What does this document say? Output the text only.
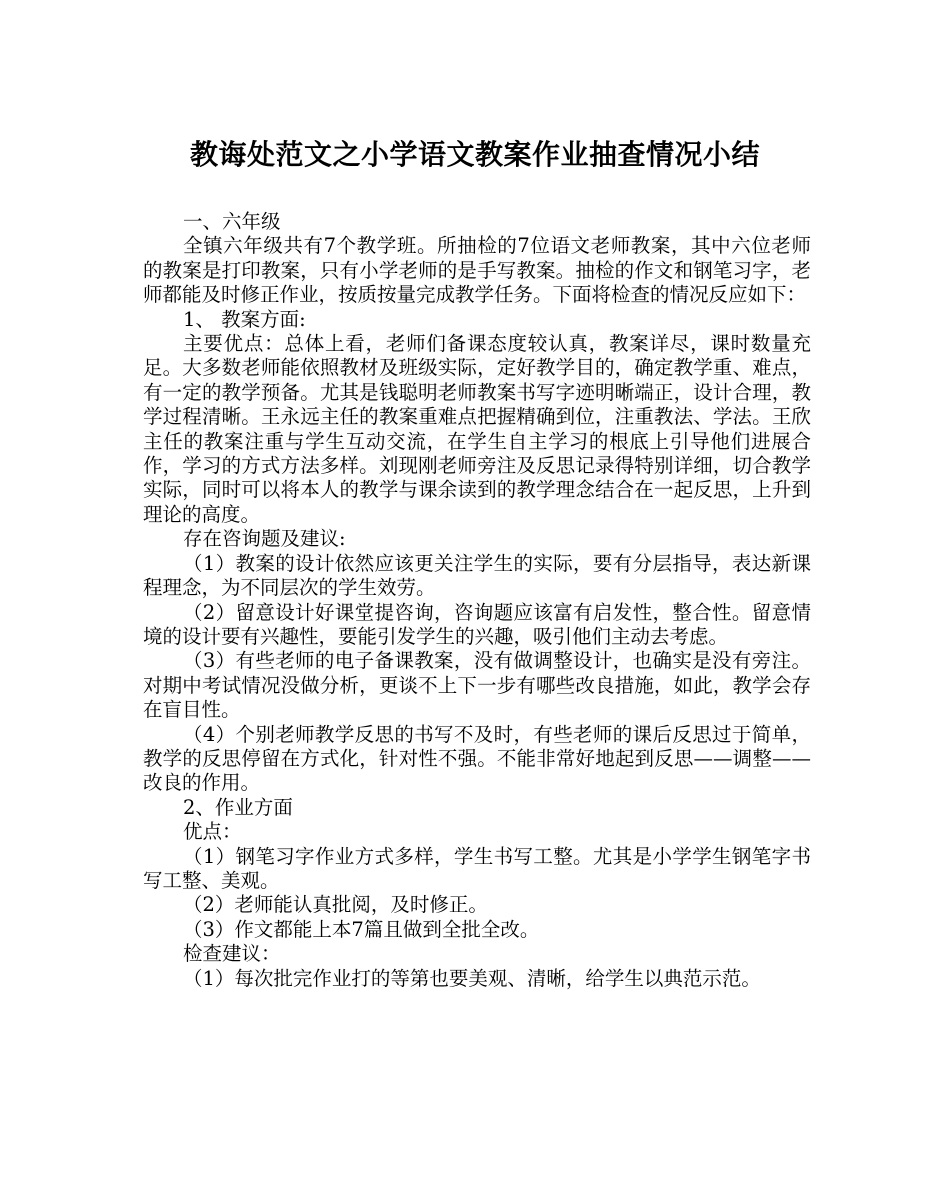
教诲处范文之小学语文教案作业抽查情况小结

一、六年级

全镇六年级共有7个教学班。所抽检的7位语文老师教案，其中六位老师的教案是打印教案，只有小学老师的是手写教案。抽检的作文和钢笔习字，老师都能及时修正作业，按质按量完成教学任务。下面将检查的情况反应如下：

1、 教案方面:

主要优点：总体上看，老师们备课态度较认真，教案详尽，课时数量充足。大多数老师能依照教材及班级实际，定好教学目的，确定教学重、难点，有一定的教学预备。尤其是钱聪明老师教案书写字迹明晰端正，设计合理，教学过程清晰。王永远主任的教案重难点把握精确到位，注重教法、学法。王欣主任的教案注重与学生互动交流，在学生自主学习的根底上引导他们进展合作，学习的方式方法多样。刘现刚老师旁注及反思记录得特别详细，切合教学实际，同时可以将本人的教学与课余读到的教学理念结合在一起反思，上升到理论的高度。

存在咨询题及建议:

（1）教案的设计依然应该更关注学生的实际，要有分层指导，表达新课程理念，为不同层次的学生效劳。

（2）留意设计好课堂提咨询，咨询题应该富有启发性，整合性。留意情境的设计要有兴趣性，要能引发学生的兴趣，吸引他们主动去考虑。

（3）有些老师的电子备课教案，没有做调整设计，也确实是没有旁注。对期中考试情况没做分析，更谈不上下一步有哪些改良措施，如此，教学会存在盲目性。

（4）个别老师教学反思的书写不及时，有些老师的课后反思过于简单，教学的反思停留在方式化，针对性不强。不能非常好地起到反思——调整——改良的作用。

2、作业方面

优点：

（1）钢笔习字作业方式多样，学生书写工整。尤其是小学学生钢笔字书写工整、美观。

（2）老师能认真批阅，及时修正。

（3）作文都能上本7篇且做到全批全改。

检查建议：

（1）每次批完作业打的等第也要美观、清晰，给学生以典范示范。
